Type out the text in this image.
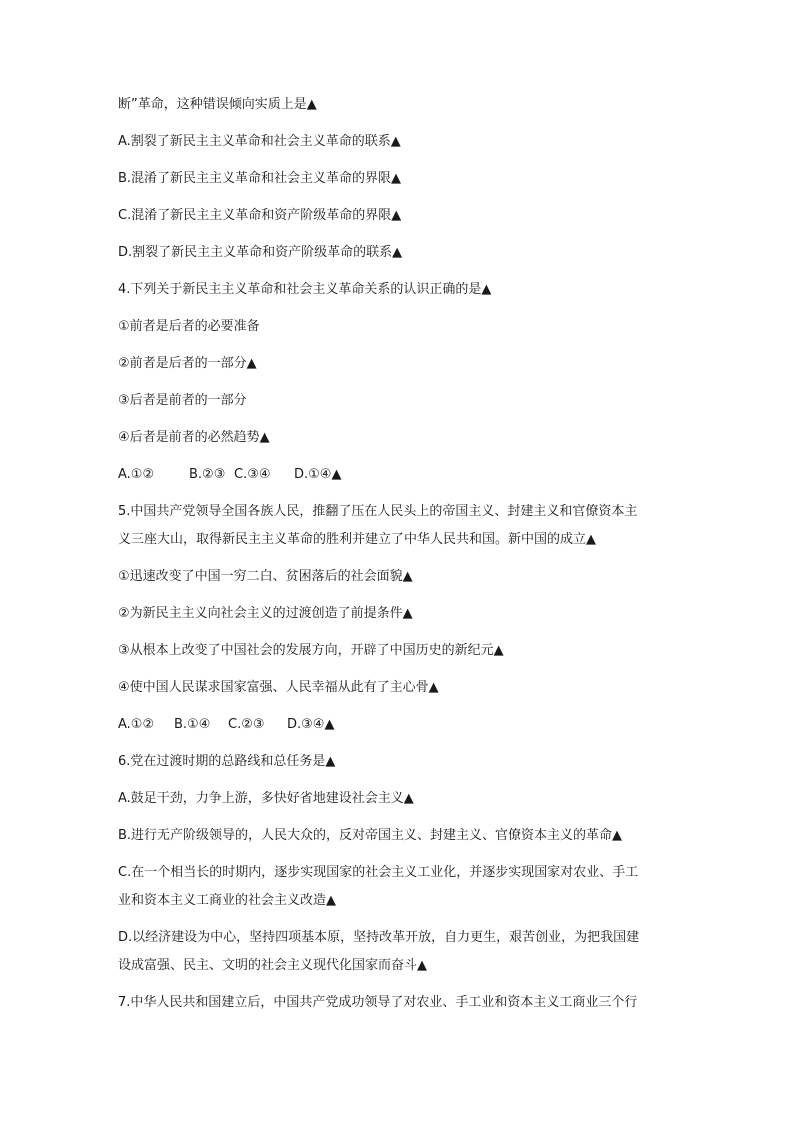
断”革命，这种错误倾向实质上是▲

A.割裂了新民主主义革命和社会主义革命的联系▲

B.混淆了新民主主义革命和社会主义革命的界限▲

C.混淆了新民主主义革命和资产阶级革命的界限▲

D.割裂了新民主主义革命和资产阶级革命的联系▲

4.下列关于新民主主义革命和社会主义革命关系的认识正确的是▲

①前者是后者的必要准备

②前者是后者的一部分▲

③后者是前者的一部分

④后者是前者的必然趋势▲

A.①②	B.②③ C.③④	D.①④▲

5.中国共产党领导全国各族人民，推翻了压在人民头上的帝国主义、封建主义和官僚资本主

义三座大山，取得新民主主义革命的胜利并建立了中华人民共和国。新中国的成立▲

①迅速改变了中国一穷二白、贫困落后的社会面貌▲

②为新民主主义向社会主义的过渡创造了前提条件▲

③从根本上改变了中国社会的发展方向，开辟了中国历史的新纪元▲

④使中国人民谋求国家富强、人民幸福从此有了主心骨▲

A.①②	B.①④	C.②③	D.③④▲

6.党在过渡时期的总路线和总任务是▲

A.鼓足干劲，力争上游，多快好省地建设社会主义▲

B.进行无产阶级领导的，人民大众的，反对帝国主义、封建主义、官僚资本主义的革命▲

C.在一个相当长的时期内，逐步实现国家的社会主义工业化，并逐步实现国家对农业、手工

业和资本主义工商业的社会主义改造▲

D.以经济建设为中心，坚持四项基本原，坚持改革开放，自力更生，艰苦创业，为把我国建

设成富强、民主、文明的社会主义现代化国家而奋斗▲

7.中华人民共和国建立后，中国共产党成功领导了对农业、手工业和资本主义工商业三个行
